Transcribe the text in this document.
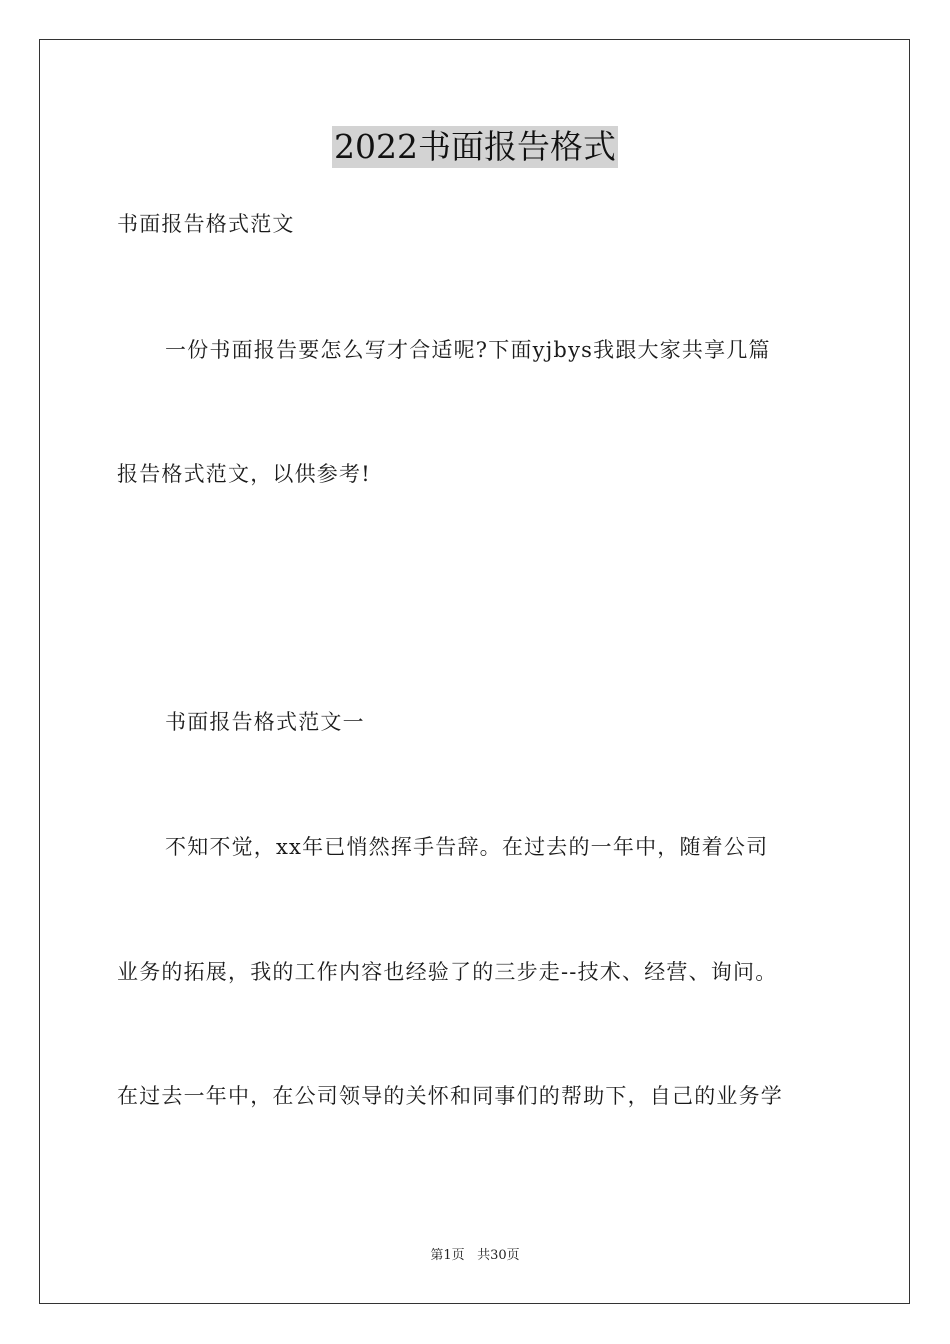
2022书面报告格式
书面报告格式范文
一份书面报告要怎么写才合适呢?下面yjbys我跟大家共享几篇
报告格式范文，以供参考!
书面报告格式范文一
不知不觉，xx年已悄然挥手告辞。在过去的一年中，随着公司
业务的拓展，我的工作内容也经验了的三步走--技术、经营、询问。
在过去一年中，在公司领导的关怀和同事们的帮助下，自己的业务学
第1页 共30页
